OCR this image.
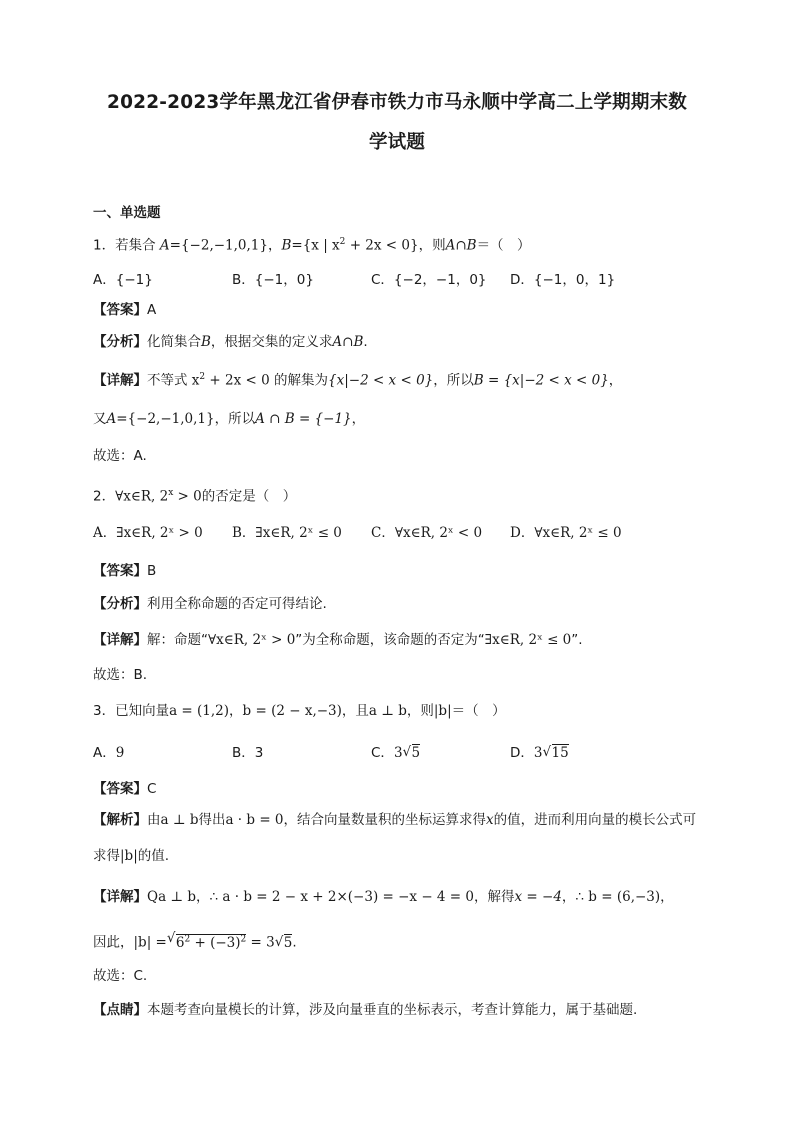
2022-2023学年黑龙江省伊春市铁力市马永顺中学高二上学期期末数
学试题
一、单选题
1．若集合 A={−2,−1,0,1}，B={x | $x^2 + 2x < 0$}，则A∩B＝（　）
A．{−1}	B．{−1，0}	C．{−2，−1，0} D．{−1，0，1}
【答案】A
【分析】化简集合B，根据交集的定义求A∩B.
【详解】不等式 $x^2 + 2x < 0$ 的解集为{x|−2 < x < 0}，所以B = {x|−2 < x < 0}，
又A={−2,−1,0,1}，所以A ∩ B = {−1}，
故选：A.
2．∀x∈R, $2^x > 0$的否定是（　）
A．∃x∈R, 2ˣ > 0 B．∃x∈R, 2ˣ ≤ 0 C．∀x∈R, 2ˣ < 0 D．∀x∈R, 2ˣ ≤ 0
【答案】B
【分析】利用全称命题的否定可得结论.
【详解】解：命题“∀x∈R, 2ˣ > 0”为全称命题，该命题的否定为“∃x∈R, 2ˣ ≤ 0”.
故选：B.
3．已知向量a = (1,2)，b = (2 − x,−3)，且a ⊥ b，则|b|＝（　）
A．9	B．3	C．3√ 5	D．3√ 15
【答案】C
【解析】由a ⊥ b得出a · b = 0，结合向量数量积的坐标运算求得x的值，进而利用向量的模长公式可
求得|b|的值.
【详解】Qa ⊥ b，∴ a · b = 2 − x + 2×(−3) = −x − 4 = 0，解得x = −4，∴ b = (6,−3)，
因此，|b| =√ $6^2 + (-3)^2 = 3√$ 5.
故选：C.
【点睛】本题考查向量模长的计算，涉及向量垂直的坐标表示，考查计算能力，属于基础题.
